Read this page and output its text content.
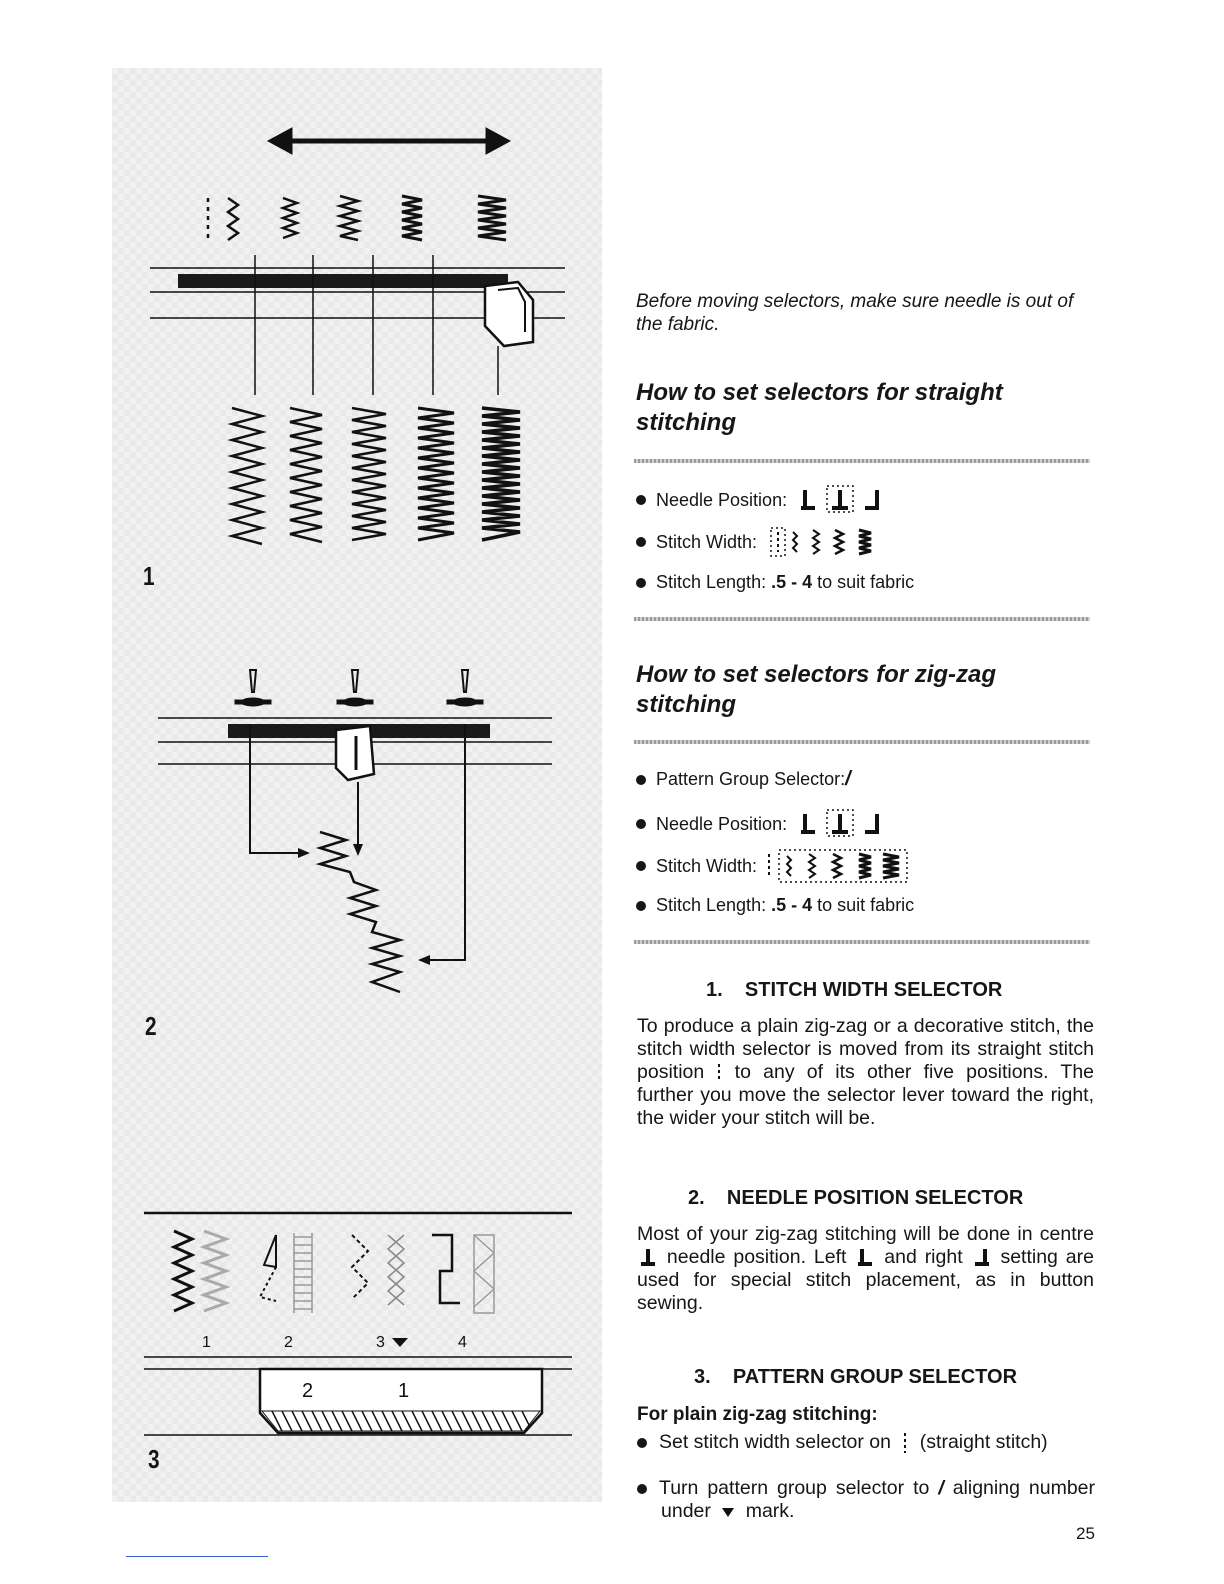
1
2
1	2	3	4
2	1
3
Before moving selectors, make sure needle is out of the fabric.
How to set selectors for straight stitching
Needle Position:
Stitch Width:
Stitch Length:
.5 - 4
to suit fabric
How to set selectors for zig-zag stitching
Pattern Group Selector: /
Needle Position:
Stitch Width:
Stitch Length:
.5 - 4
to suit fabric
1. STITCH WIDTH SELECTOR
To produce a plain zig-zag or a decorative stitch, the stitch width selector is moved from its straight stitch position to any of its other five positions. The further you move the selector lever toward the right, the wider your stitch will be.
2. NEEDLE POSITION SELECTOR
Most of your zig-zag stitching will be done in centre  needle position. Left and right setting are used for special stitch placement, as in button sewing.
3. PATTERN GROUP SELECTOR
For plain zig-zag stitching:
Set stitch width selector on (straight stitch)
Turn pattern group selector to / aligning number under mark.
25
